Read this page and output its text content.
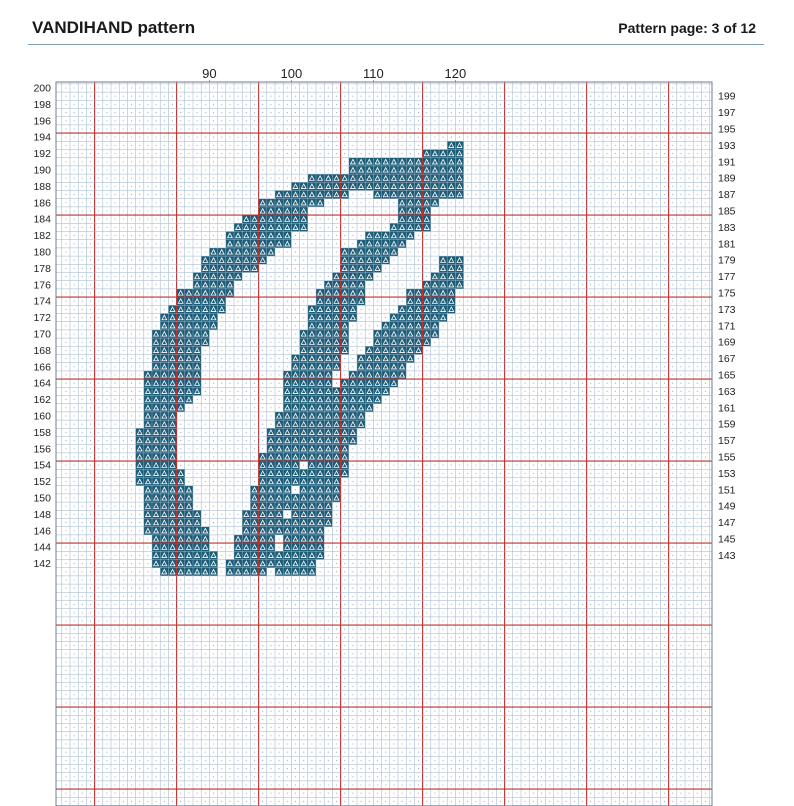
VANDIHAND pattern	Pattern page: 3 of 12
90	100	110	120
200
198
196
194
192
190
188
186
184
182
180
178
176
174
172
170
168
166
164
162
160
158
156
154
152
150
148
146
144
142
199
197
195
193
191
189
187
185
183
181
179
177
175
173
171
169
167
165
163
161
159
157
155
153
151
149
147
145
143
